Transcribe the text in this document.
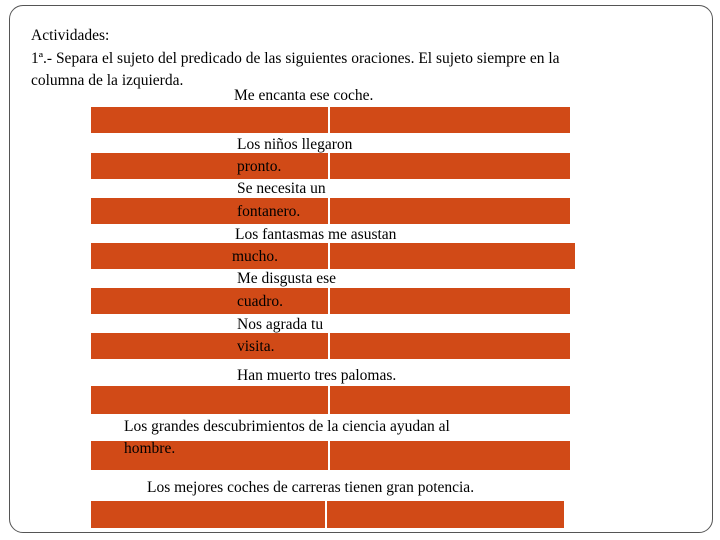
Actividades:
1ª.- Separa el sujeto del predicado de las siguientes oraciones. El sujeto siempre en la
columna de la izquierda.
Me encanta ese coche.
Los niños llegaron
pronto.
Se necesita un
fontanero.
Los fantasmas me asustan
mucho.
Me disgusta ese
cuadro.
Nos agrada tu
visita.
Han muerto tres palomas.
Los grandes descubrimientos de la ciencia ayudan al
hombre.
Los mejores coches de carreras tienen gran potencia.
